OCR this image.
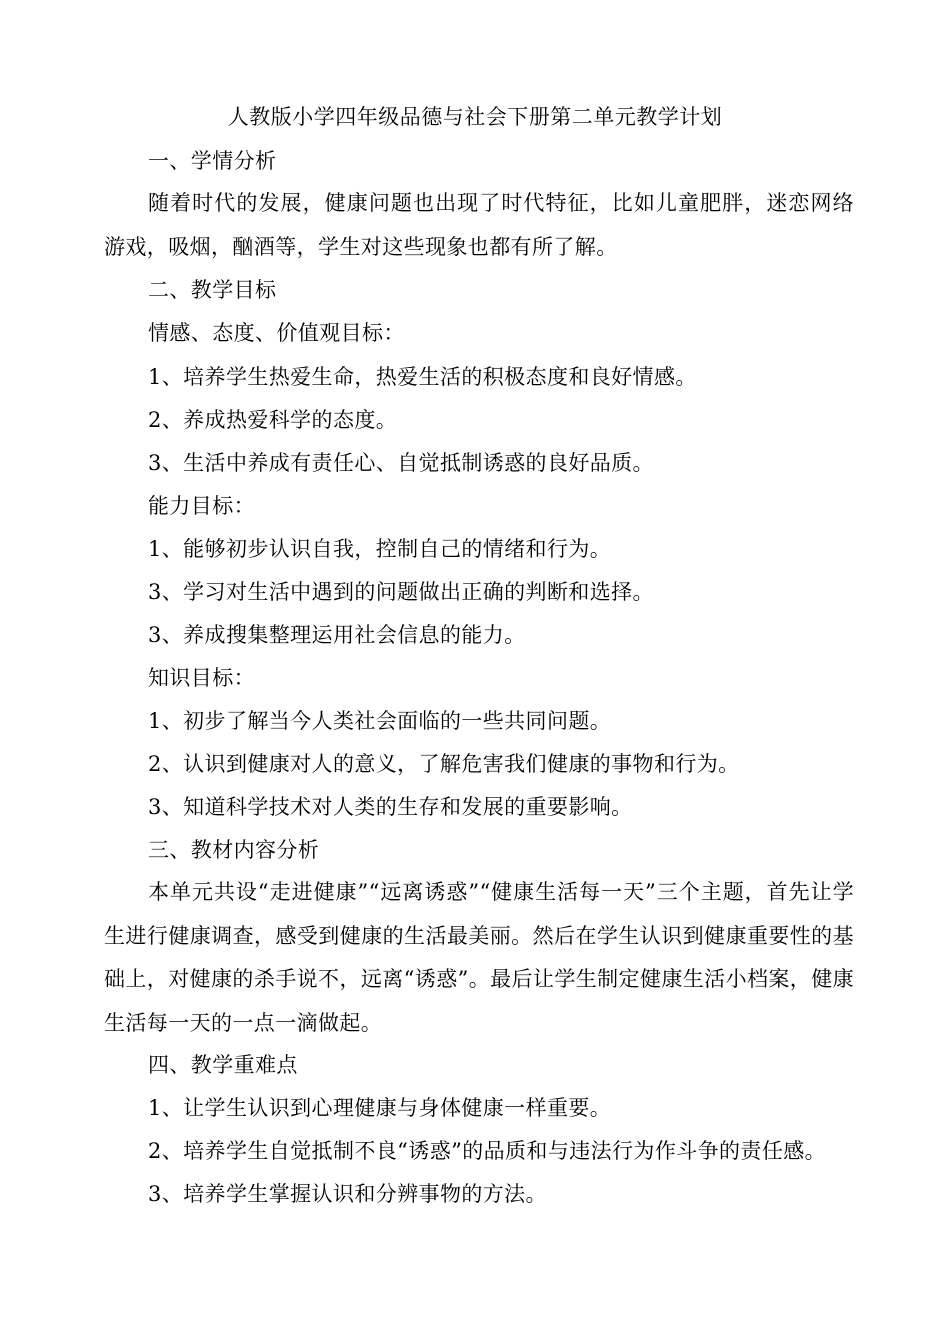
人教版小学四年级品德与社会下册第二单元教学计划
一、学情分析
随着时代的发展，健康问题也出现了时代特征，比如儿童肥胖，迷恋网络游戏，吸烟，酗酒等，学生对这些现象也都有所了解。
二、教学目标
情感、态度、价值观目标：
1、培养学生热爱生命，热爱生活的积极态度和良好情感。
2、养成热爱科学的态度。
3、生活中养成有责任心、自觉抵制诱惑的良好品质。
能力目标：
1、能够初步认识自我，控制自己的情绪和行为。
3、学习对生活中遇到的问题做出正确的判断和选择。
3、养成搜集整理运用社会信息的能力。
知识目标：
1、初步了解当今人类社会面临的一些共同问题。
2、认识到健康对人的意义，了解危害我们健康的事物和行为。
3、知道科学技术对人类的生存和发展的重要影响。
三、教材内容分析
本单元共设“走进健康”“远离诱惑”“健康生活每一天”三个主题，首先让学生进行健康调查，感受到健康的生活最美丽。然后在学生认识到健康重要性的基础上，对健康的杀手说不，远离“诱惑”。最后让学生制定健康生活小档案，健康生活每一天的一点一滴做起。
四、教学重难点
1、让学生认识到心理健康与身体健康一样重要。
2、培养学生自觉抵制不良“诱惑”的品质和与违法行为作斗争的责任感。
3、培养学生掌握认识和分辨事物的方法。
